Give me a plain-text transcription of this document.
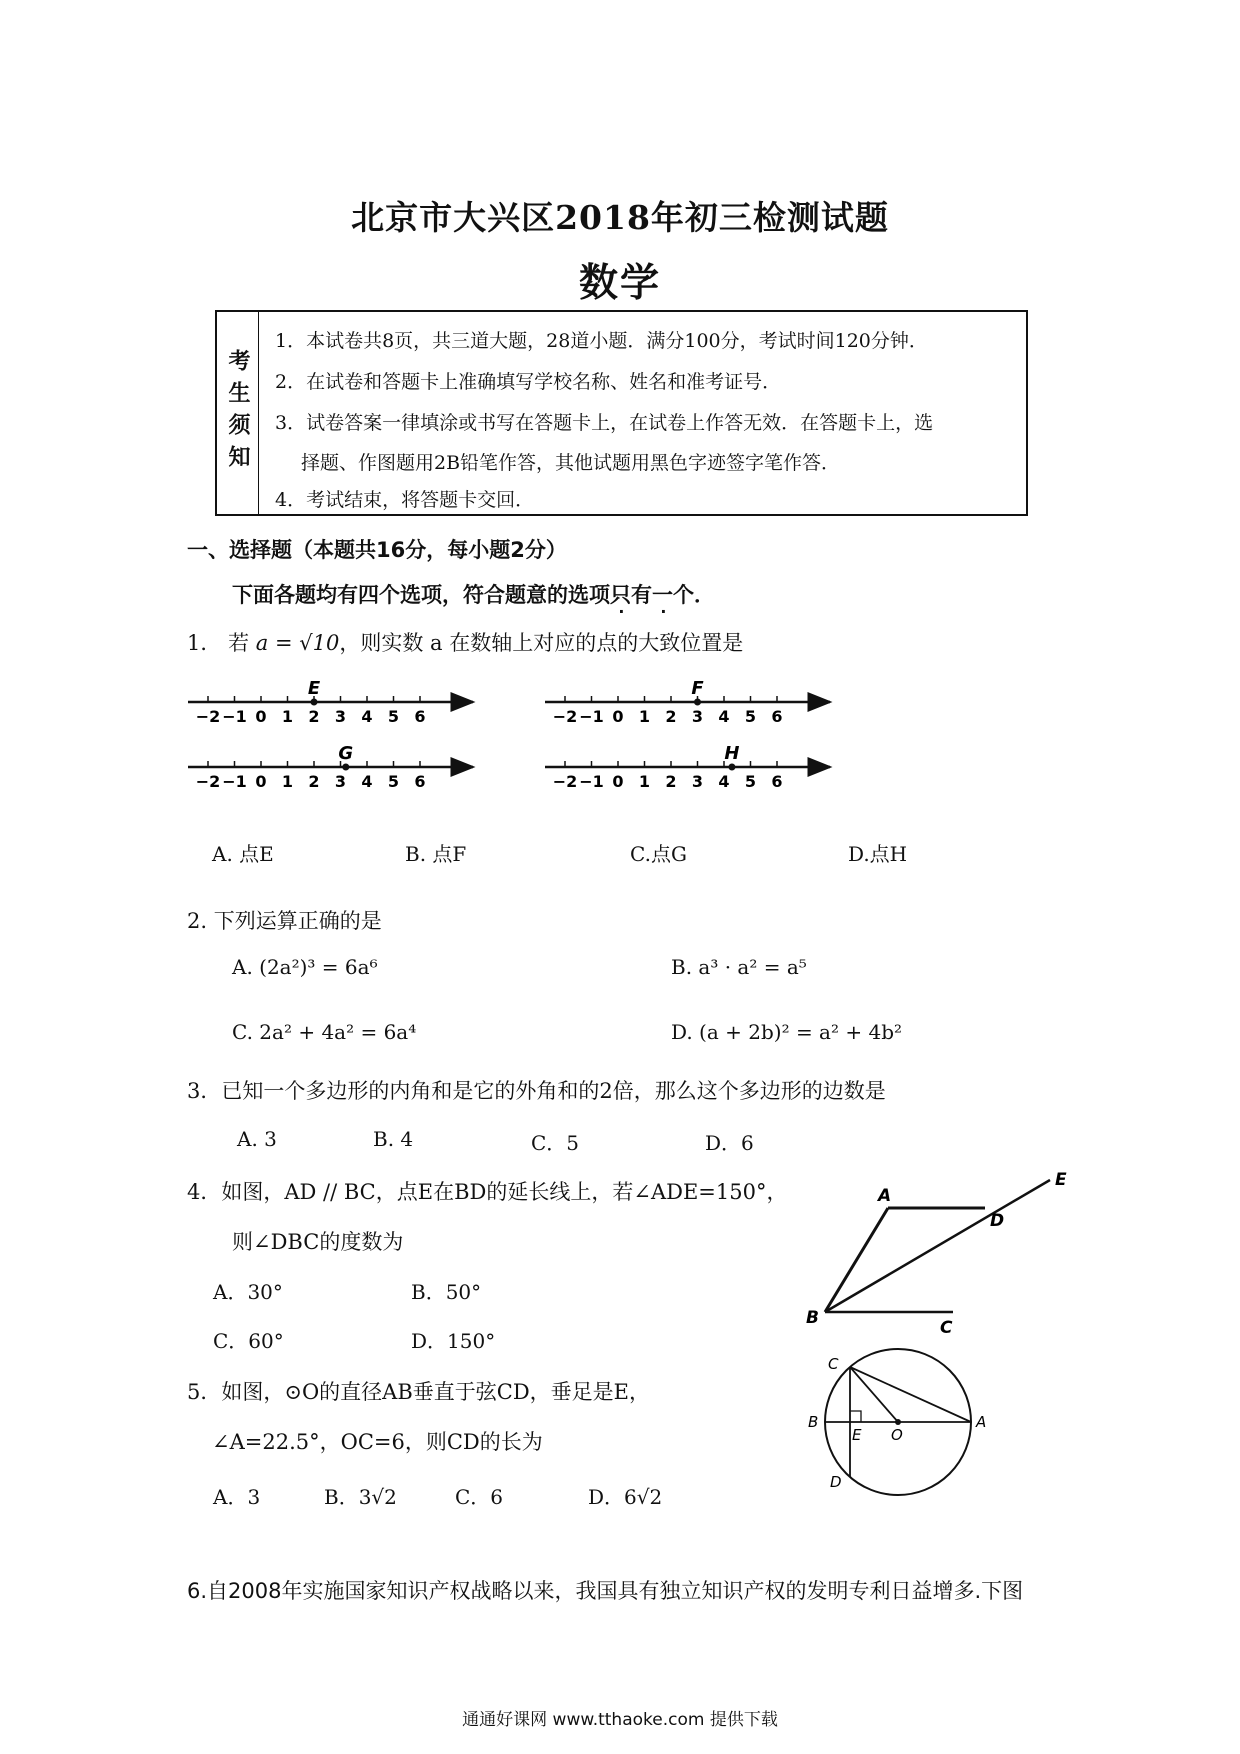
北京市大兴区2018年初三检测试题
数学
考生须知
1．本试卷共8页，共三道大题，28道小题．满分100分，考试时间120分钟．
2．在试卷和答题卡上准确填写学校名称、姓名和准考证号．
3．试卷答案一律填涂或书写在答题卡上，在试卷上作答无效．在答题卡上，选
择题、作图题用2B铅笔作答，其他试题用黑色字迹签字笔作答．
4．考试结束，将答题卡交回．
一、选择题（本题共16分，每小题2分）
下面各题均有四个选项，符合题意的选项只有一个．
1． 若 a = √10，则实数 a 在数轴上对应的点的大致位置是
−2 −1 0 1 2 3 4 5 6
E
−2 −1 0 1 2 3 4 5 6
F
−2 −1 0 1 2 3 4 5 6
G
−2 −1 0 1 2 3 4 5 6
H
A. 点E	B. 点F	C.点G	D.点H
2. 下列运算正确的是
A. (2a²)³ = 6a⁶	B. a³ · a² = a⁵
C. 2a² + 4a² = 6a⁴	D. (a + 2b)² = a² + 4b²
3．已知一个多边形的内角和是它的外角和的2倍，那么这个多边形的边数是
A. 3	B. 4	C．5	D．6
4．如图，AD // BC，点E在BD的延长线上，若∠ADE=150°，
则∠DBC的度数为
A．30°	B．50°
C．60°	D．150°
A
B	C
D
E
5．如图，⊙O的直径AB垂直于弦CD，垂足是E，
∠A=22.5°，OC=6，则CD的长为
A．3	B．3√2	C．6	D．6√2
C
B
E O
A
D
6.自2008年实施国家知识产权战略以来，我国具有独立知识产权的发明专利日益增多.下图
通通好课网 www.tthaoke.com 提供下载
